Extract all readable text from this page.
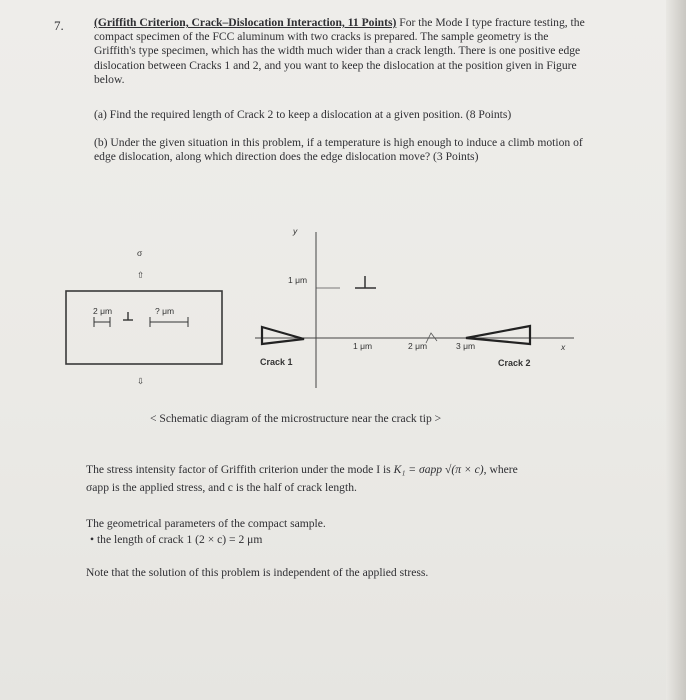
7.	(Griffith Criterion, Crack–Dislocation Interaction, 11 Points) For the Mode I type fracture testing, the compact specimen of the FCC aluminum with two cracks is prepared. The sample geometry is the Griffith's type specimen, which has the width much wider than a crack length. There is one positive edge dislocation between Cracks 1 and 2, and you want to keep the dislocation at the position given in Figure below.
(a) Find the required length of Crack 2 to keep a dislocation at a given position. (8 Points)
(b) Under the given situation in this problem, if a temperature is high enough to induce a climb motion of edge dislocation, along which direction does the edge dislocation move? (3 Points)
σ
⇧
2 μm	? μm
⇩
y
x
1 μm
1 μm	2 μm	3 μm
Crack 1	Crack 2
< Schematic diagram of the microstructure near the crack tip >
The stress intensity factor of Griffith criterion under the mode I is K₁ = σapp √(π × c), where
σapp is the applied stress, and c is the half of crack length.
The geometrical parameters of the compact sample.
• the length of crack 1 (2 × c) = 2 μm
Note that the solution of this problem is independent of the applied stress.
